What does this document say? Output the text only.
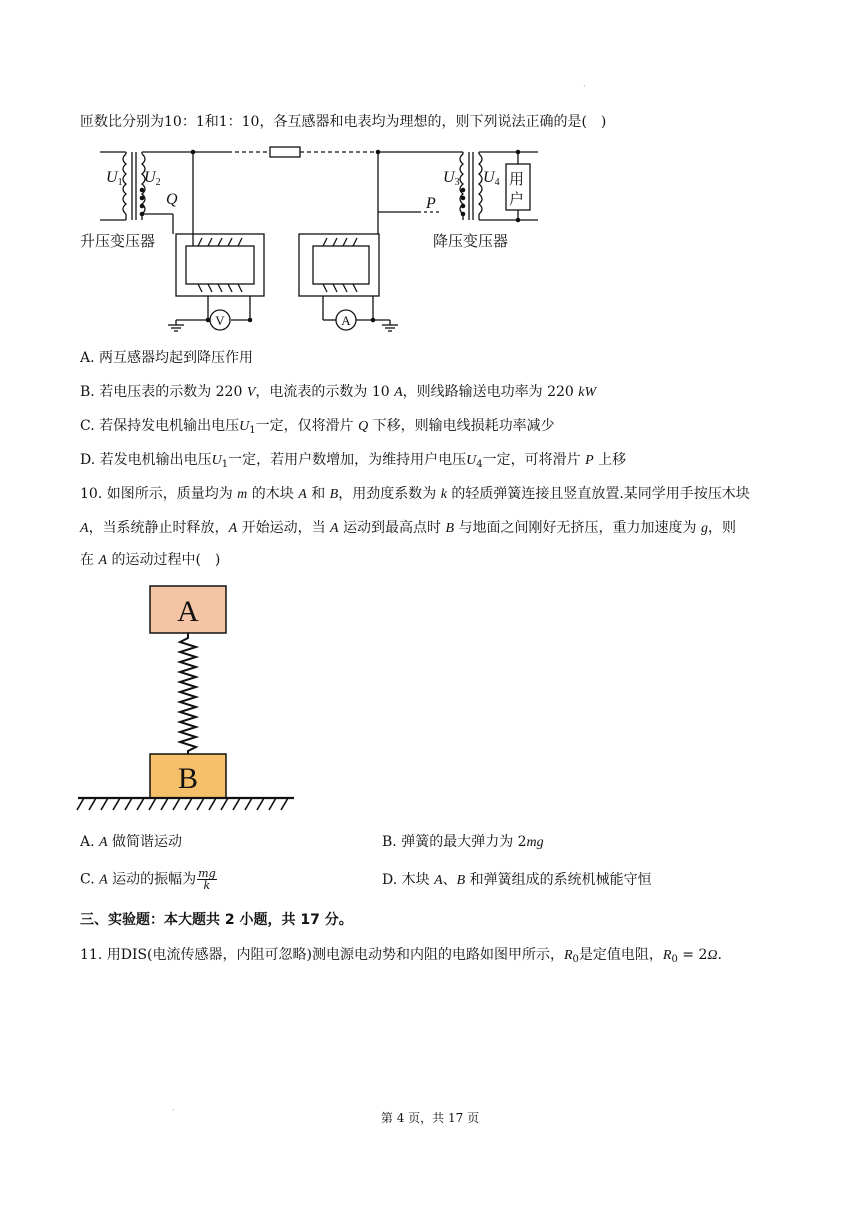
·
匝数比分别为10：1和1：10，各互感器和电表均为理想的，则下列说法正确的是(　)
U1 U2
Q
U3 U4
P
用
户
升压变压器	降压变压器
V	A
A. 两互感器均起到降压作用
B. 若电压表的示数为 220 V，电流表的示数为 10 A，则线路输送电功率为 220 kW
C. 若保持发电机输出电压$U_1$一定，仅将滑片 Q 下移，则输电线损耗功率减少
D. 若发电机输出电压$U_1$一定，若用户数增加，为维持用户电压$U_4$一定，可将滑片 P 上移
10. 如图所示，质量均为 m 的木块 A 和 B，用劲度系数为 k 的轻质弹簧连接且竖直放置.某同学用手按压木块
A，当系统静止时释放，A 开始运动，当 A 运动到最高点时 B 与地面之间刚好无挤压，重力加速度为 g，则
在 A 的运动过程中(　)
A
B
A. A 做简谐运动	B. 弹簧的最大弹力为 2mg
C. A 运动的振幅为 $\frac{mg}{k}$	D. 木块 A、B 和弹簧组成的系统机械能守恒
三、实验题：本大题共 2 小题，共 17 分。
11. 用DIS(电流传感器，内阻可忽略)测电源电动势和内阻的电路如图甲所示，$R_0$是定值电阻，$R_0 = 2\Omega$.
·
第 4 页，共 17 页
